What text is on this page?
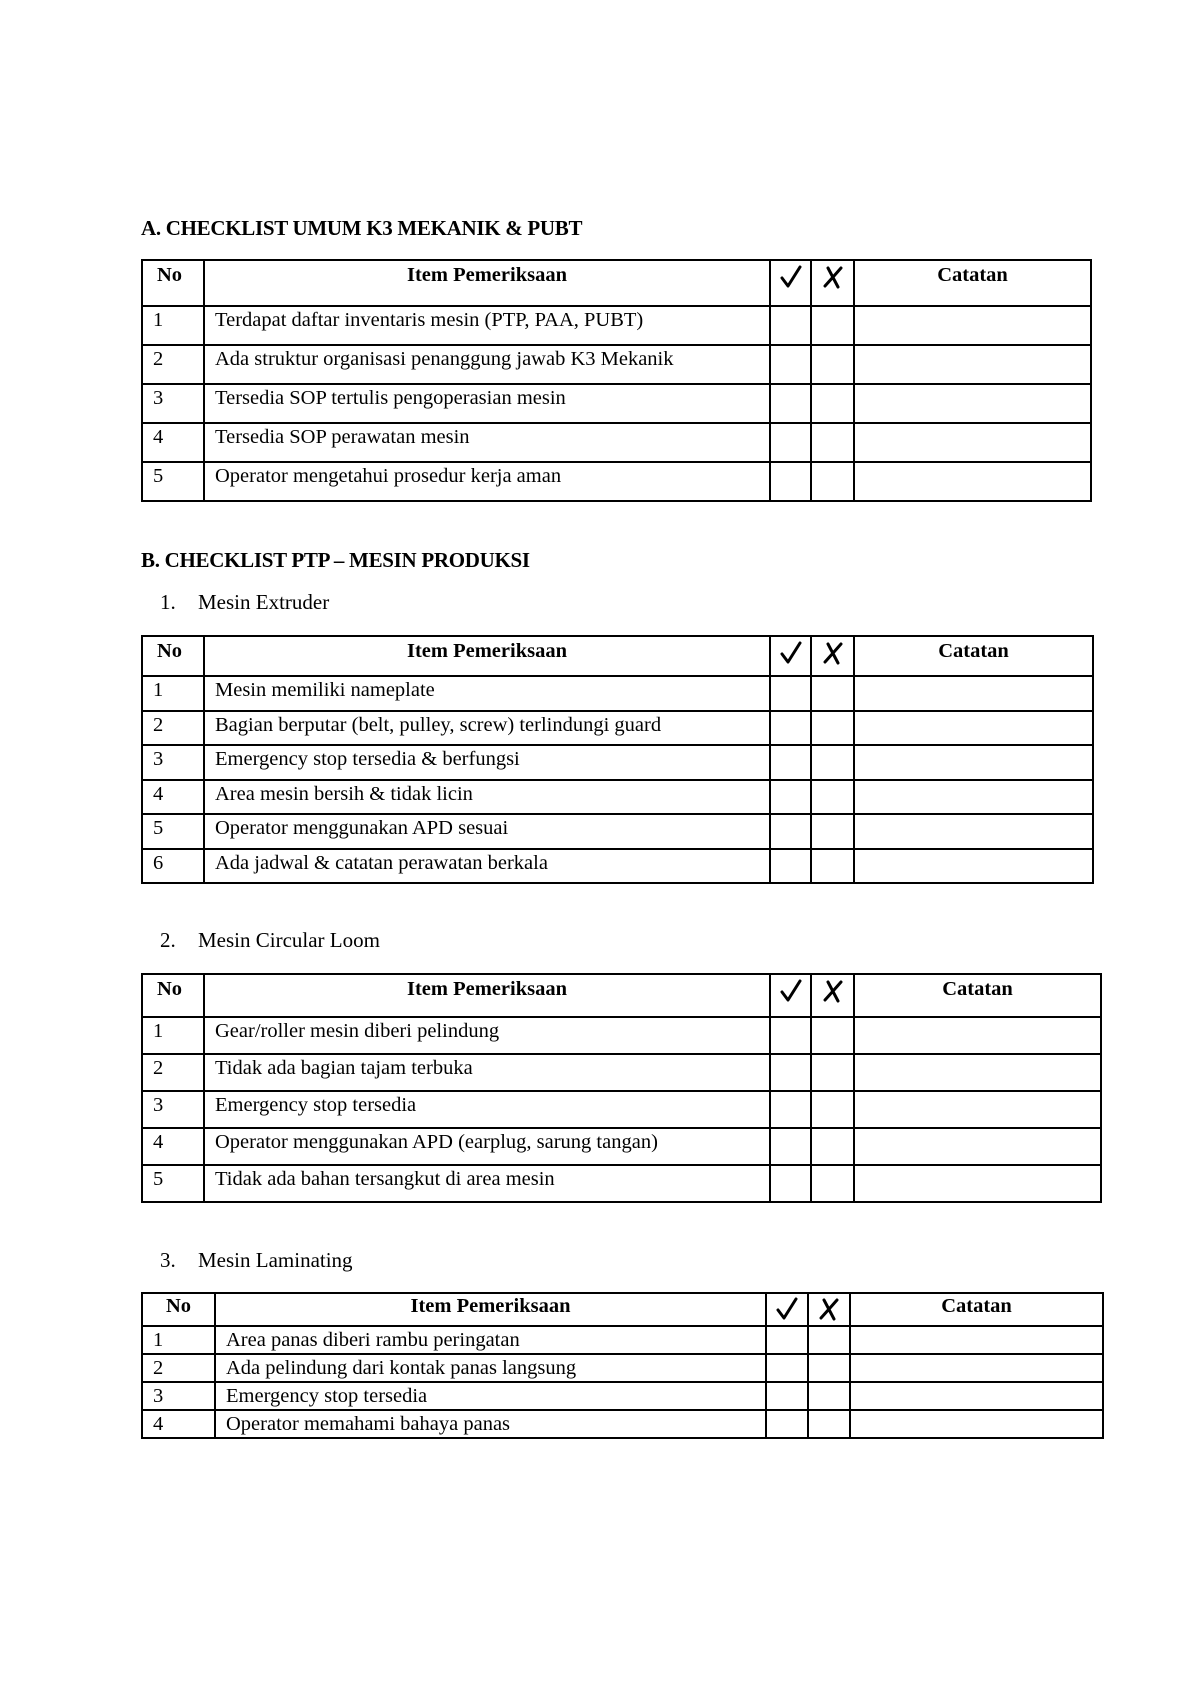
A. CHECKLIST UMUM K3 MEKANIK & PUBT
No	Item Pemeriksaan			Catatan
1	Terdapat daftar inventaris mesin (PTP, PAA, PUBT)			
2	Ada struktur organisasi penanggung jawab K3 Mekanik			
3	Tersedia SOP tertulis pengoperasian mesin			
4	Tersedia SOP perawatan mesin			
5	Operator mengetahui prosedur kerja aman			
B. CHECKLIST PTP – MESIN PRODUKSI
1. Mesin Extruder
No	Item Pemeriksaan			Catatan
1	Mesin memiliki nameplate			
2	Bagian berputar (belt, pulley, screw) terlindungi guard			
3	Emergency stop tersedia & berfungsi			
4	Area mesin bersih & tidak licin			
5	Operator menggunakan APD sesuai			
6	Ada jadwal & catatan perawatan berkala			
2. Mesin Circular Loom
No	Item Pemeriksaan			Catatan
1	Gear/roller mesin diberi pelindung			
2	Tidak ada bagian tajam terbuka			
3	Emergency stop tersedia			
4	Operator menggunakan APD (earplug, sarung tangan)			
5	Tidak ada bahan tersangkut di area mesin			
3. Mesin Laminating
No	Item Pemeriksaan			Catatan
1	Area panas diberi rambu peringatan			
2	Ada pelindung dari kontak panas langsung			
3	Emergency stop tersedia			
4	Operator memahami bahaya panas			
